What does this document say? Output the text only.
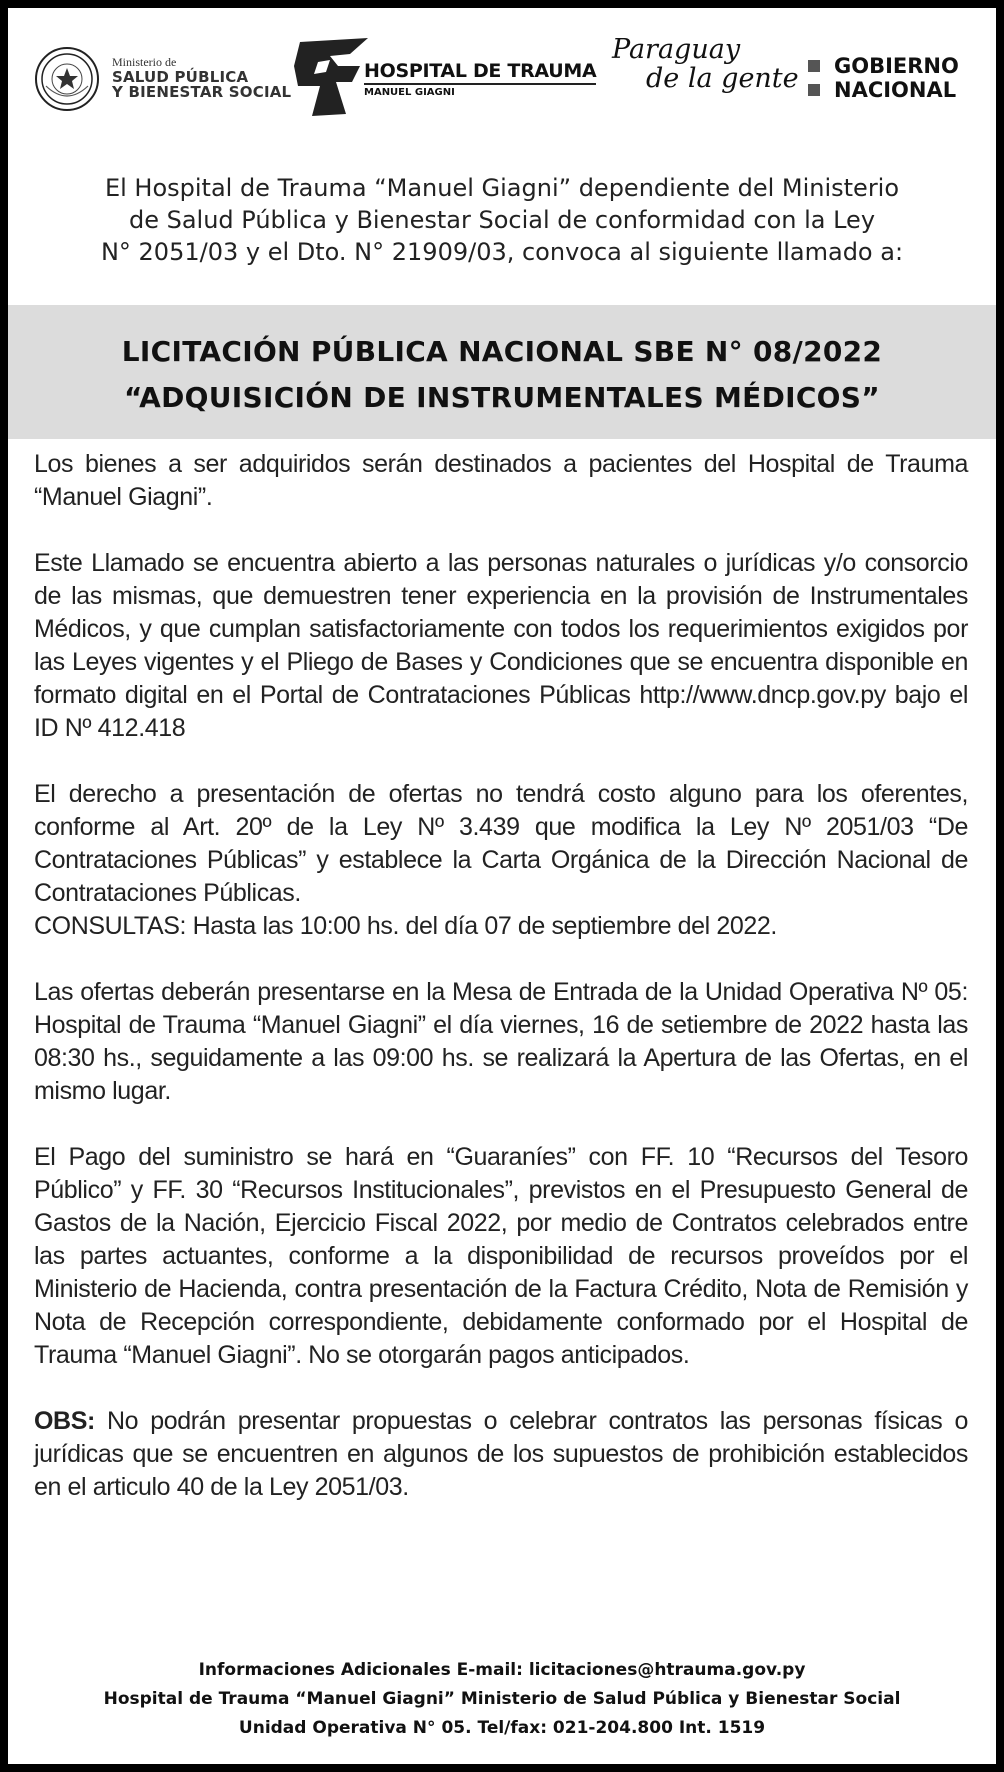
Ministerio de
SALUD PÚBLICA
Y BIENESTAR SOCIAL
HOSPITAL DE TRAUMA
MANUEL GIAGNI
Paraguay
de la gente GOBIERNO
NACIONAL
El Hospital de Trauma “Manuel Giagni” dependiente del Ministerio
de Salud Pública y Bienestar Social de conformidad con la Ley
N° 2051/03 y el Dto. N° 21909/03, convoca al siguiente llamado a:
LICITACIÓN PÚBLICA NACIONAL SBE N° 08/2022
“ADQUISICIÓN DE INSTRUMENTALES MÉDICOS”

Los bienes a ser adquiridos serán destinados a pacientes del Hospital de Trauma “Manuel Giagni”.

Este Llamado se encuentra abierto a las personas naturales o jurídicas y/o consorcio de las mismas, que demuestren tener experiencia en la provisión de Instrumentales Médicos, y que cumplan satisfactoriamente con todos los requerimientos exigidos por las Leyes vigentes y el Pliego de Bases y Condiciones que se encuentra disponible en formato digital en el Portal de Contrataciones Públicas http://www.dncp.gov.py bajo el ID Nº 412.418

El derecho a presentación de ofertas no tendrá costo alguno para los oferentes, conforme al Art. 20º de la Ley Nº 3.439 que modifica la Ley Nº 2051/03 “De Contrataciones Públicas” y establece la Carta Orgánica de la Dirección Nacional de Contrataciones Públicas.

CONSULTAS: Hasta las 10:00 hs. del día 07 de septiembre del 2022.

Las ofertas deberán presentarse en la Mesa de Entrada de la Unidad Operativa Nº 05: Hospital de Trauma “Manuel Giagni” el día viernes, 16 de setiembre de 2022 hasta las 08:30 hs., seguidamente a las 09:00 hs. se realizará la Apertura de las Ofertas, en el mismo lugar.

El Pago del suministro se hará en “Guaraníes” con FF. 10 “Recursos del Tesoro Público” y FF. 30 “Recursos Institucionales”, previstos en el Presupuesto General de Gastos de la Nación, Ejercicio Fiscal 2022, por medio de Contratos celebrados entre las partes actuantes, conforme a la disponibilidad de recursos proveídos por el Ministerio de Hacienda, contra presentación de la Factura Crédito, Nota de Remisión y Nota de Recepción correspondiente, debidamente conformado por el Hospital de Trauma “Manuel Giagni”. No se otorgarán pagos anticipados.

OBS: No podrán presentar propuestas o celebrar contratos las personas físicas o jurídicas que se encuentren en algunos de los supuestos de prohibición establecidos en el articulo 40 de la Ley 2051/03.

Informaciones Adicionales E-mail: licitaciones@htrauma.gov.py
Hospital de Trauma “Manuel Giagni” Ministerio de Salud Pública y Bienestar Social
Unidad Operativa N° 05. Tel/fax: 021-204.800 Int. 1519
